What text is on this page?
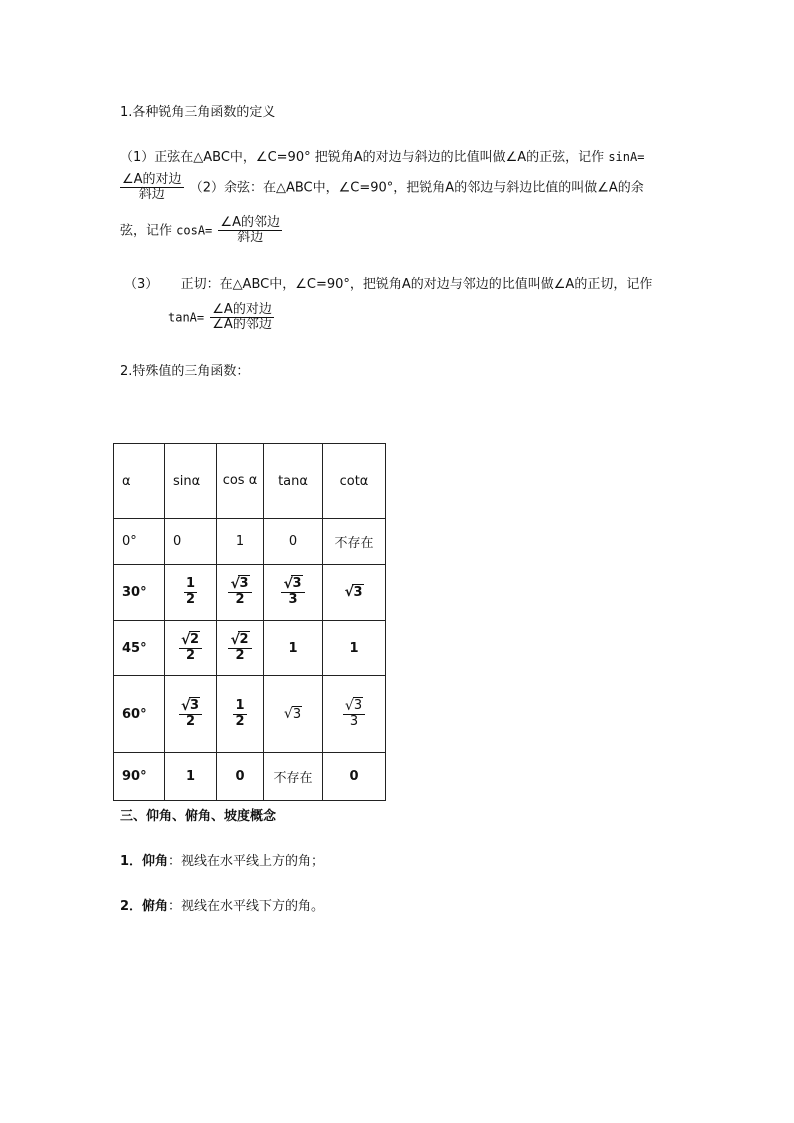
1.各种锐角三角函数的定义
（1）正弦在△ABC中，∠C=90° 把锐角A的对边与斜边的比值叫做∠A的正弦，记作 sinA=
$\frac{\text{∠A的对边}}{\text{斜边}} (2)$余弦：在△ABC中，∠C=90°，把锐角A的邻边与斜边比值的叫做∠A的余
弦，记作 $\cos A= \frac{\text{∠A的邻边}}{\text{斜边}}$
（3） 正切：在△ABC中，∠C=90°，把锐角A的对边与邻边的比值叫做∠A的正切，记作
$\tan A= \frac{\text{∠A的对边}}{\text{∠A的邻边}}$
2.特殊值的三角函数：
α	sinα	cos α	tanα	cotα
0°	0	1	0	不存在
30°	$\frac{1}{2}$	$\frac{√ 3}{2}$	$\frac{√ 3}{3}$	√ 3
45°	$\frac{√ 2}{2}$	$\frac{√ 2}{2}$	1	1
60°	$\frac{√ 3}{2}$	$\frac{1}{2}$	√ 3	$\frac{√ 3}{3}$

90°	1	0	不存在	0
三、仰角、俯角、坡度概念
1．仰角：视线在水平线上方的角；
2．俯角：视线在水平线下方的角。
